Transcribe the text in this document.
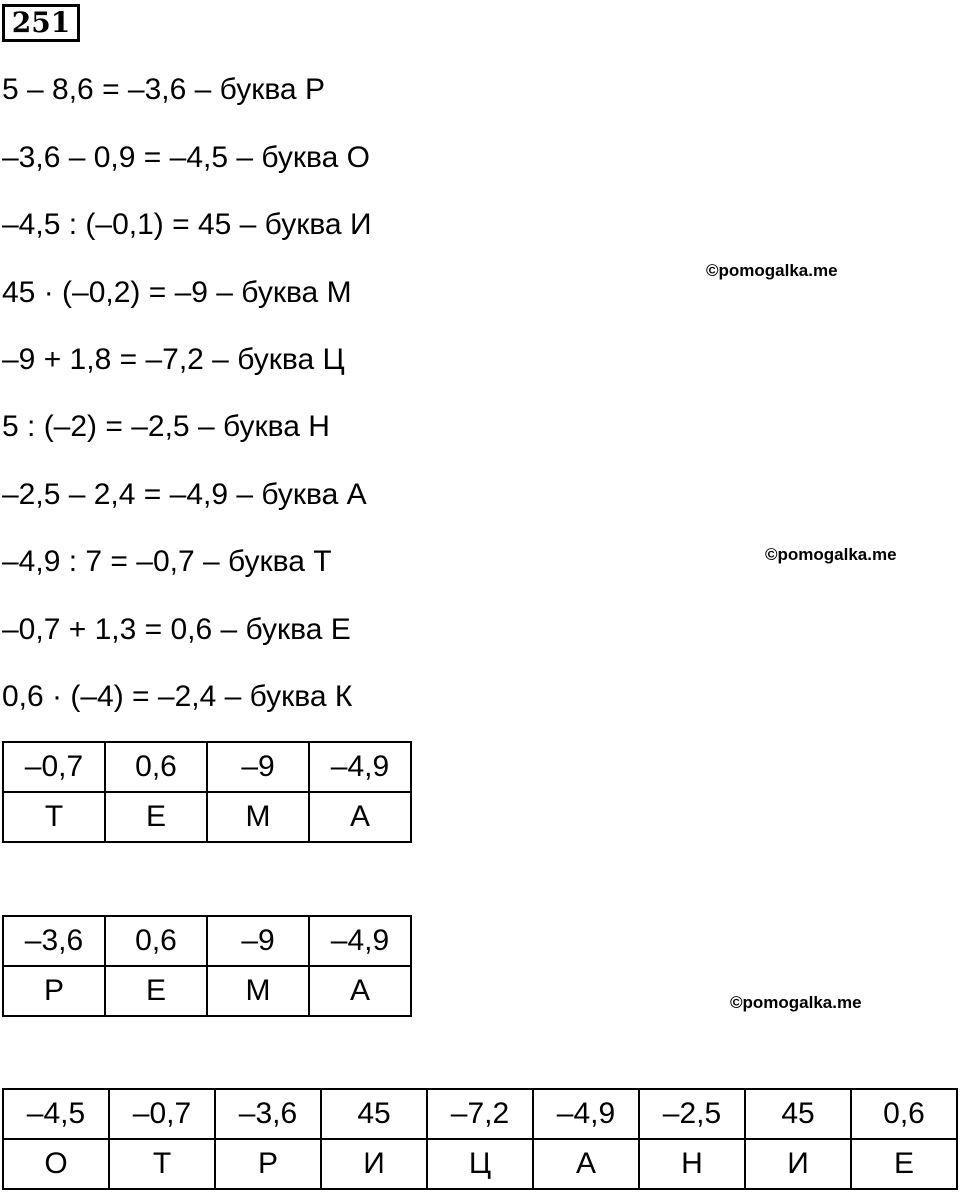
251
5 – 8,6 = –3,6 – буква Р
–3,6 – 0,9 = –4,5 – буква О
–4,5 : (–0,1) = 45 – буква И
45 · (–0,2) = –9 – буква М
–9 + 1,8 = –7,2 – буква Ц
5 : (–2) = –2,5 – буква Н
–2,5 – 2,4 = –4,9 – буква А
–4,9 : 7 = –0,7 – буква Т
–0,7 + 1,3 = 0,6 – буква Е
0,6 · (–4) = –2,4 – буква К
©pomogalka.me
©pomogalka.me
©pomogalka.me
–0,7	0,6	–9	–4,9
Т	Е	М	А
–3,6	0,6	–9	–4,9
Р	Е	М	А
–4,5	–0,7	–3,6	45	–7,2	–4,9	–2,5	45	0,6
О	Т	Р	И	Ц	А	Н	И	Е
